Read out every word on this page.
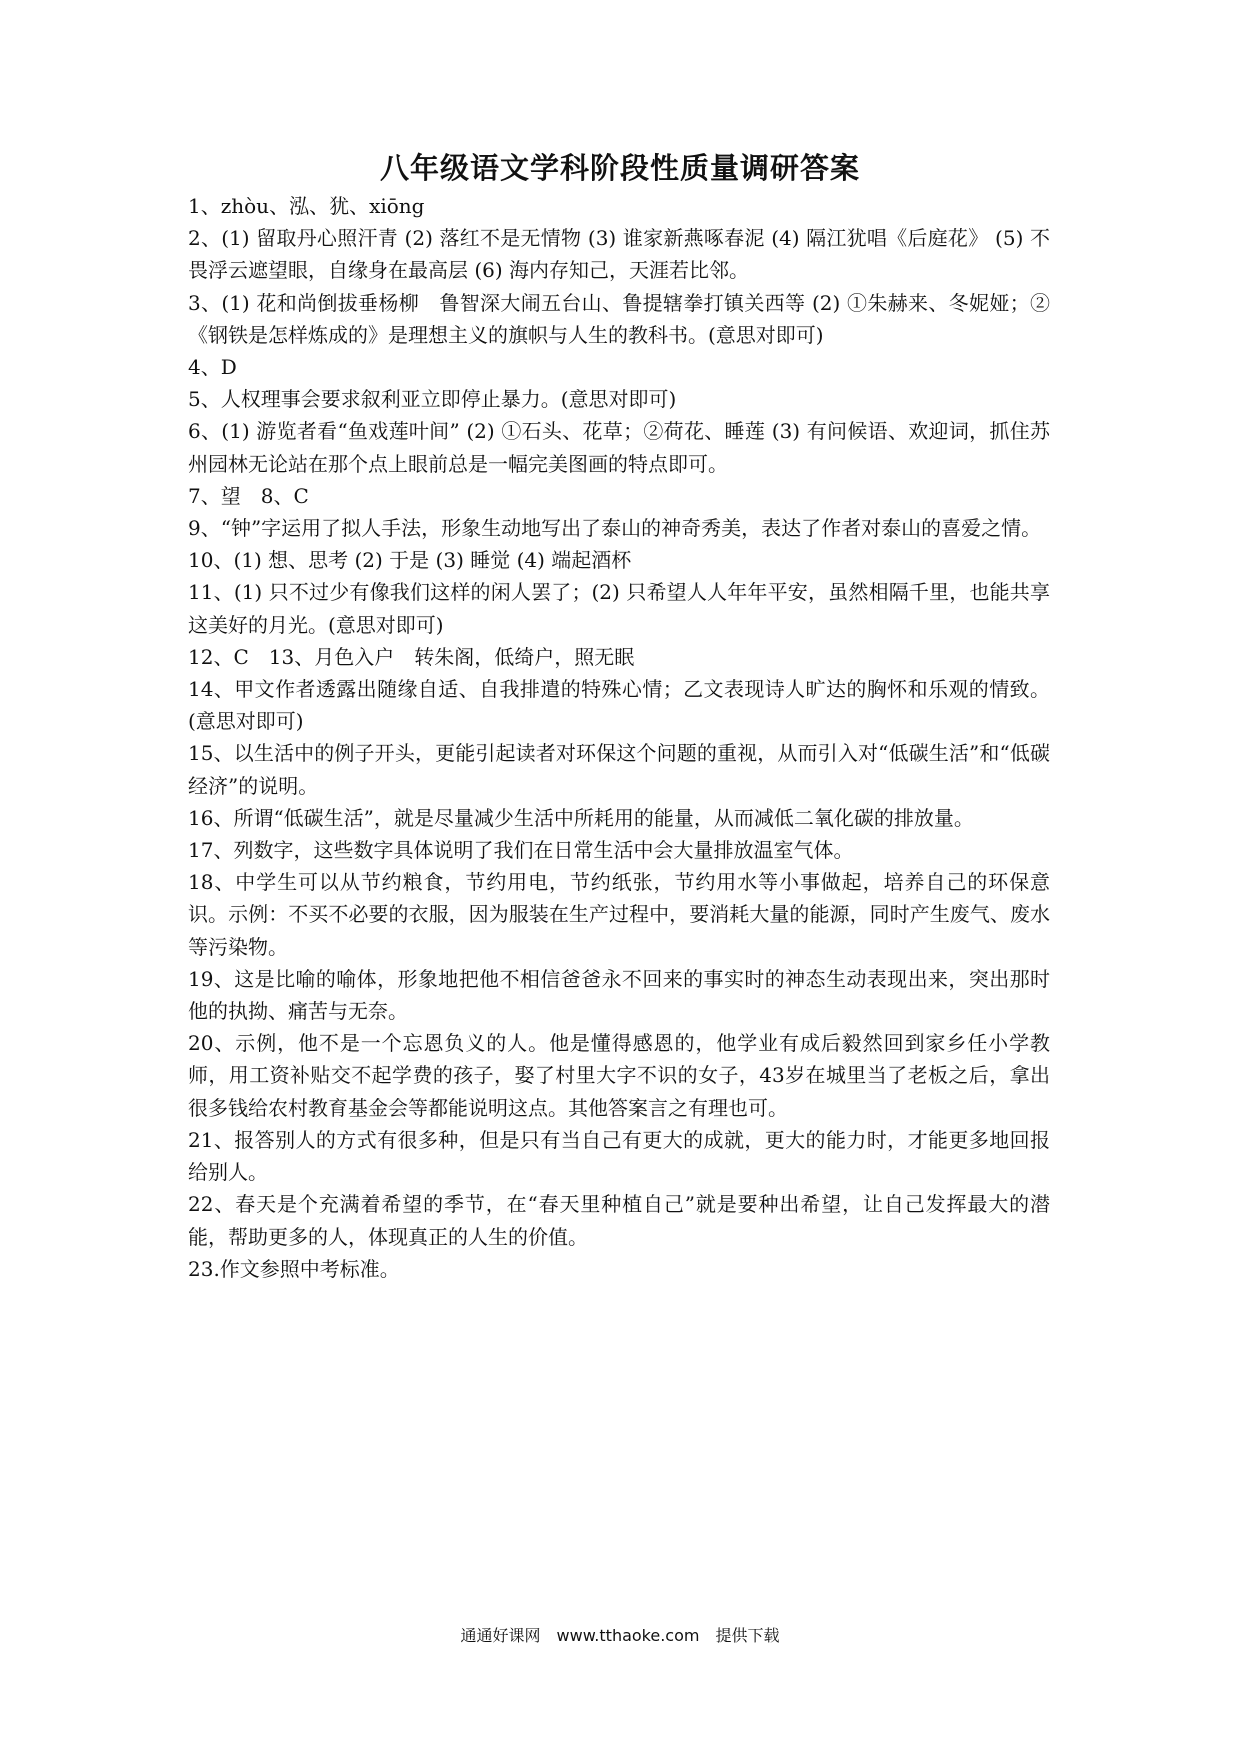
八年级语文学科阶段性质量调研答案

1、zhòu、泓、犹、xiōng

2、(1) 留取丹心照汗青 (2) 落红不是无情物 (3) 谁家新燕啄春泥 (4) 隔江犹唱《后庭花》 (5) 不畏浮云遮望眼，自缘身在最高层 (6) 海内存知己，天涯若比邻。

3、(1) 花和尚倒拔垂杨柳　鲁智深大闹五台山、鲁提辖拳打镇关西等 (2) ①朱赫来、冬妮娅；②《钢铁是怎样炼成的》是理想主义的旗帜与人生的教科书。(意思对即可)

4、D

5、人权理事会要求叙利亚立即停止暴力。(意思对即可)

6、(1) 游览者看“鱼戏莲叶间” (2) ①石头、花草；②荷花、睡莲 (3) 有问候语、欢迎词，抓住苏州园林无论站在那个点上眼前总是一幅完美图画的特点即可。

7、望　8、C

9、“钟”字运用了拟人手法，形象生动地写出了泰山的神奇秀美，表达了作者对泰山的喜爱之情。

10、(1) 想、思考 (2) 于是 (3) 睡觉 (4) 端起酒杯

11、(1) 只不过少有像我们这样的闲人罢了；(2) 只希望人人年年平安，虽然相隔千里，也能共享这美好的月光。(意思对即可)

12、C　13、月色入户　转朱阁，低绮户，照无眠

14、甲文作者透露出随缘自适、自我排遣的特殊心情；乙文表现诗人旷达的胸怀和乐观的情致。(意思对即可)

15、以生活中的例子开头，更能引起读者对环保这个问题的重视，从而引入对“低碳生活”和“低碳经济”的说明。

16、所谓“低碳生活”，就是尽量减少生活中所耗用的能量，从而减低二氧化碳的排放量。

17、列数字，这些数字具体说明了我们在日常生活中会大量排放温室气体。

18、中学生可以从节约粮食，节约用电，节约纸张，节约用水等小事做起，培养自己的环保意识。示例：不买不必要的衣服，因为服装在生产过程中，要消耗大量的能源，同时产生废气、废水等污染物。

19、这是比喻的喻体，形象地把他不相信爸爸永不回来的事实时的神态生动表现出来，突出那时他的执拗、痛苦与无奈。

20、示例，他不是一个忘恩负义的人。他是懂得感恩的，他学业有成后毅然回到家乡任小学教师，用工资补贴交不起学费的孩子，娶了村里大字不识的女子，43岁在城里当了老板之后，拿出很多钱给农村教育基金会等都能说明这点。其他答案言之有理也可。

21、报答别人的方式有很多种，但是只有当自己有更大的成就，更大的能力时，才能更多地回报给别人。

22、春天是个充满着希望的季节，在“春天里种植自己”就是要种出希望，让自己发挥最大的潜能，帮助更多的人，体现真正的人生的价值。

23.作文参照中考标准。

通通好课网　www.tthaoke.com　提供下载
